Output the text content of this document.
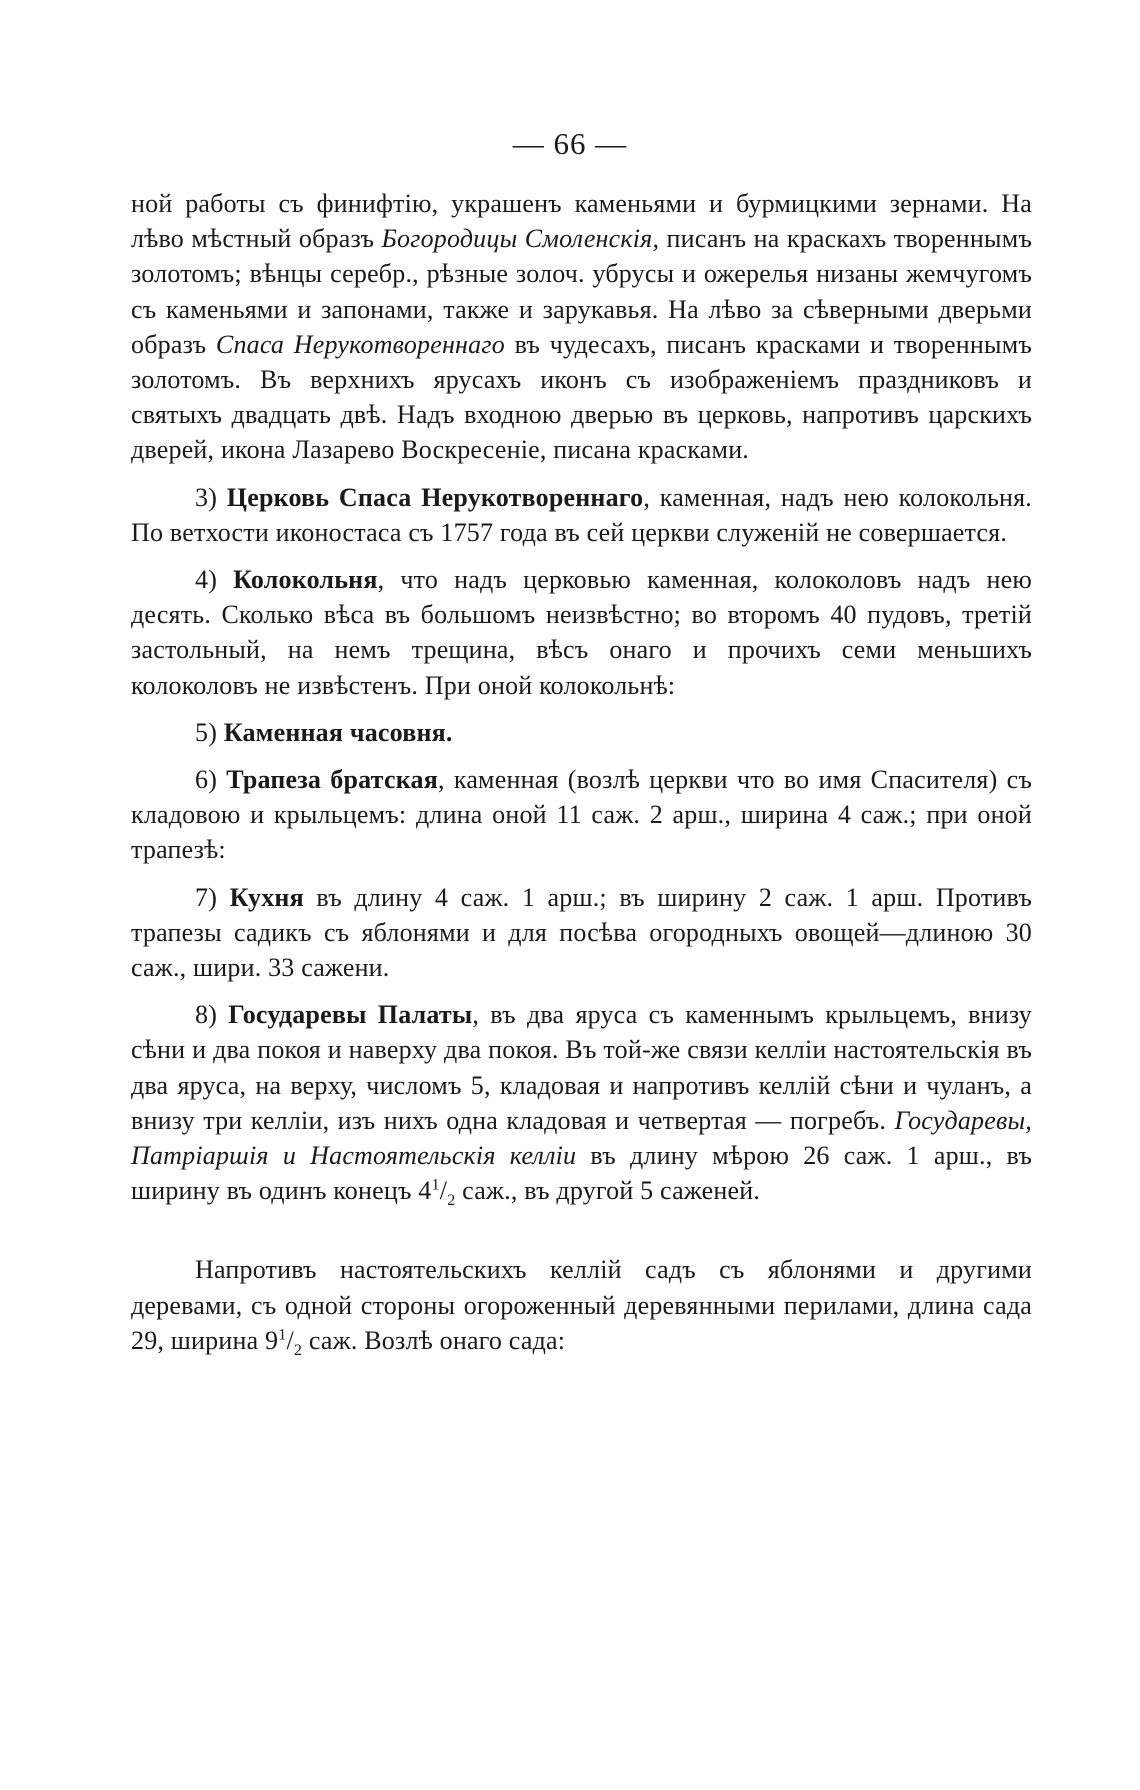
— 66 —

ной работы съ финифтію, украшенъ каменьями и бурмицкими зернами. На лѣво мѣстный образъ Богородицы Смоленскія, писанъ на краскахъ твореннымъ золотомъ; вѣнцы серебр., рѣзные золоч. убрусы и ожерелья низаны жемчугомъ съ каменьями и запонами, также и зарукавья. На лѣво за сѣверными дверьми образъ Спаса Нерукотвореннаго въ чудесахъ, писанъ красками и твореннымъ золотомъ. Въ верхнихъ ярусахъ иконъ съ изображеніемъ праздниковъ и святыхъ двадцать двѣ. Надъ входною дверью въ церковь, напротивъ царскихъ дверей, икона Лазарево Воскресеніе, писана красками.

3) Церковь Спаса Нерукотвореннаго, каменная, надъ нею колокольня. По ветхости иконостаса съ 1757 года въ сей церкви служеній не совершается.

4) Колокольня, что надъ церковью каменная, колоколовъ надъ нею десять. Сколько вѣса въ большомъ неизвѣстно; во второмъ 40 пудовъ, третій застольный, на немъ трещина, вѣсъ онаго и прочихъ семи меньшихъ колоколовъ не извѣстенъ. При оной колокольнѣ:

5) Каменная часовня.

6) Трапеза братская, каменная (возлѣ церкви что во имя Спасителя) съ кладовою и крыльцемъ: длина оной 11 саж. 2 арш., ширина 4 саж.; при оной трапезѣ:

7) Кухня въ длину 4 саж. 1 арш.; въ ширину 2 саж. 1 арш. Противъ трапезы садикъ съ яблонями и для посѣва огородныхъ овощей—длиною 30 саж., шири. 33 сажени.

8) Государевы Палаты, въ два яруса съ каменнымъ крыльцемъ, внизу сѣни и два покоя и наверху два покоя. Въ той-же связи келліи настоятельскія въ два яруса, на верху, числомъ 5, кладовая и напротивъ келлій сѣни и чуланъ, а внизу три келліи, изъ нихъ одна кладовая и четвертая — погребъ. Государевы, Патріаршія и Настоятельскія келліи въ длину мѣрою 26 саж. 1 арш., въ ширину въ одинъ конецъ $4^1/_2$ саж., въ другой 5 саженей.

Напротивъ настоятельскихъ келлій садъ съ яблонями и другими деревами, съ одной стороны огороженный деревянными перилами, длина сада 29, ширина $9^1/_2$ саж. Возлѣ онаго сада:
